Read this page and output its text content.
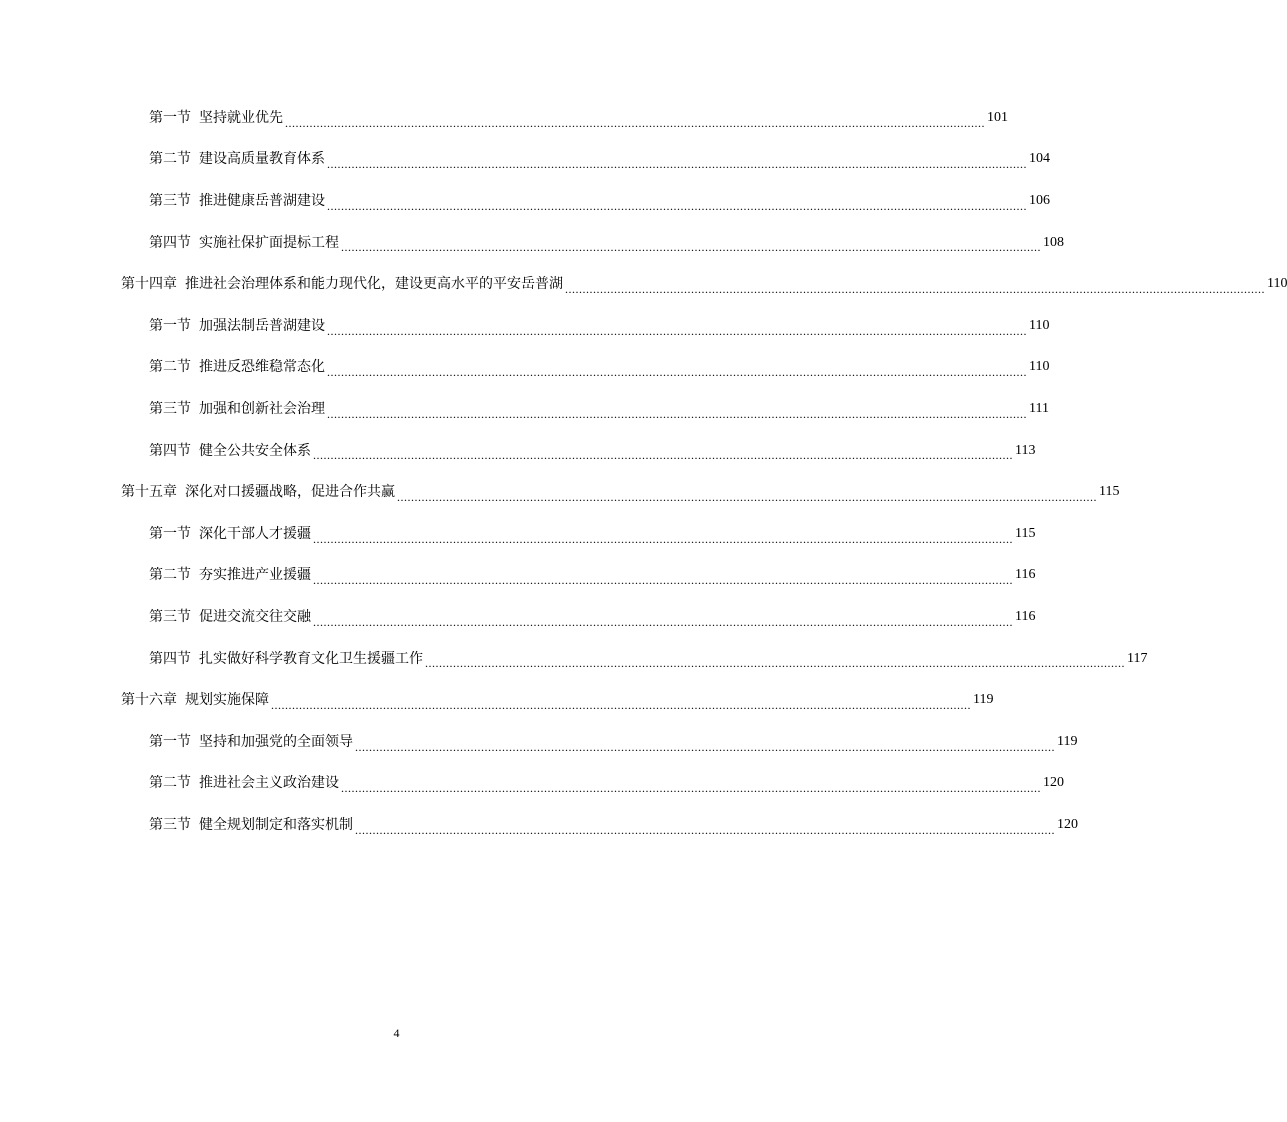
第一节 坚持就业优先 ........................................................................................................................................................................................................ 101
第二节 建设高质量教育体系 ........................................................................................................................................................................................................ 104
第三节 推进健康岳普湖建设 ........................................................................................................................................................................................................ 106
第四节 实施社保扩面提标工程 ........................................................................................................................................................................................................ 108
第十四章 推进社会治理体系和能力现代化，建设更高水平的平安岳普湖 ........................................................................................................................................................................................................ 110
第一节 加强法制岳普湖建设 ........................................................................................................................................................................................................ 110
第二节 推进反恐维稳常态化 ........................................................................................................................................................................................................ 110
第三节 加强和创新社会治理 ........................................................................................................................................................................................................ 111
第四节 健全公共安全体系 ........................................................................................................................................................................................................ 113
第十五章 深化对口援疆战略，促进合作共赢 ........................................................................................................................................................................................................ 115
第一节 深化干部人才援疆 ........................................................................................................................................................................................................ 115
第二节 夯实推进产业援疆 ........................................................................................................................................................................................................ 116
第三节 促进交流交往交融 ........................................................................................................................................................................................................ 116
第四节 扎实做好科学教育文化卫生援疆工作 ........................................................................................................................................................................................................ 117
第十六章 规划实施保障 ........................................................................................................................................................................................................ 119
第一节 坚持和加强党的全面领导 ........................................................................................................................................................................................................ 119
第二节 推进社会主义政治建设 ........................................................................................................................................................................................................ 120
第三节 健全规划制定和落实机制 ........................................................................................................................................................................................................ 120
4
